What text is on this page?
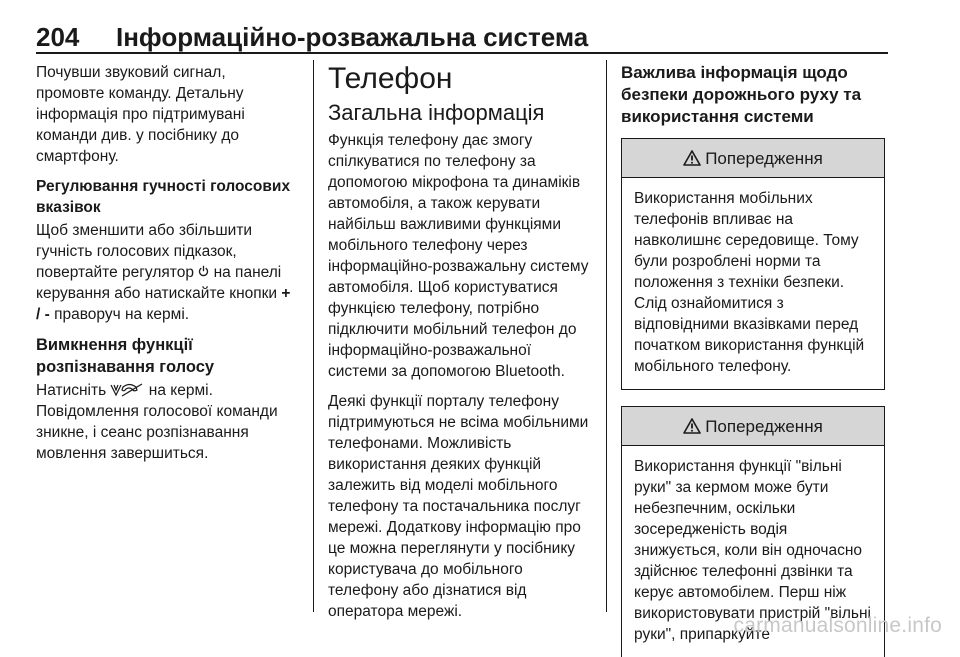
204 Інформаційно-розважальна система

Почувши звуковий сигнал, промовте команду. Детальну інформація про підтримувані команди див. у посібнику до смартфону.

Регулювання гучності голосових вказівок

Щоб зменшити або збільшити гучність голосових підказок, повертайте регулятор на панелі керування або натискайте кнопки + / - праворуч на кермі.

Вимкнення функції розпізнавання голосу

Натисніть	на кермі. Повідомлення голосової команди зникне, і сеанс розпізнавання мовлення завершиться.

Телефон
Загальна інформація

Функція телефону дає змогу спілкуватися по телефону за допомогою мікрофона та динаміків автомобіля, а також керувати найбільш важливими функціями мобільного телефону через інформаційно-розважальну систему автомобіля. Щоб користуватися функцією телефону, потрібно підключити мобільний телефон до інформаційно-розважальної системи за допомогою Bluetooth.

Деякі функції порталу телефону підтримуються не всіма мобільними телефонами. Можливість використання деяких функцій залежить від моделі мобільного телефону та постачальника послуг мережі. Додаткову інформацію про це можна переглянути у посібнику користувача до мобільного телефону або дізнатися від оператора мережі.

Важлива інформація щодо безпеки дорожнього руху та використання системи

Попередження
Використання мобільних телефонів впливає на навколишнє середовище. Тому були розроблені норми та положення з техніки безпеки. Слід ознайомитися з відповідними вказівками перед початком використання функцій мобільного телефону.
Попередження
Використання функції "вільні руки" за кермом може бути небезпечним, оскільки зосередженість водія знижується, коли він одночасно здійснює телефонні дзвінки та керує автомобілем. Перш ніж використовувати пристрій "вільні руки", припаркуйте
carmanualsonline.info
